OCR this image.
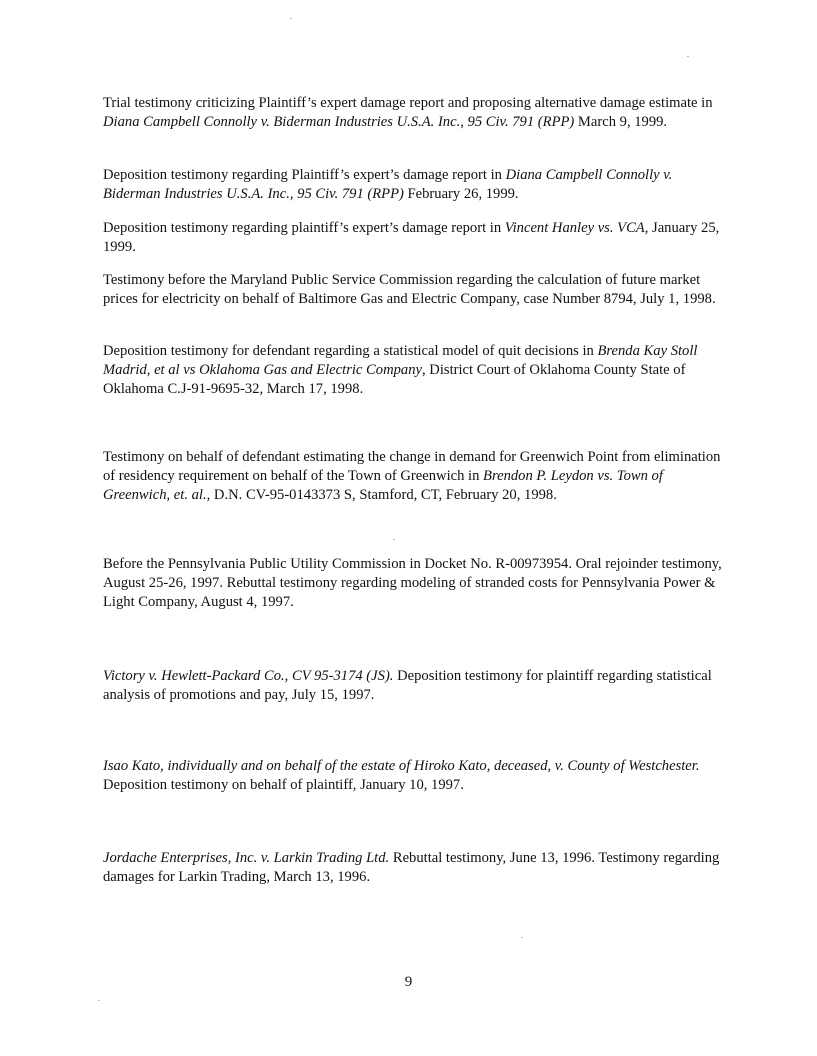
Trial testimony criticizing Plaintiff’s expert damage report and proposing alternative damage estimate in Diana Campbell Connolly v. Biderman Industries U.S.A. Inc., 95 Civ. 791 (RPP) March 9, 1999.

Deposition testimony regarding Plaintiff’s expert’s damage report in Diana Campbell Connolly v. Biderman Industries U.S.A. Inc., 95 Civ. 791 (RPP) February 26, 1999.

Deposition testimony regarding plaintiff’s expert’s damage report in Vincent Hanley vs. VCA, January 25, 1999.

Testimony before the Maryland Public Service Commission regarding the calculation of future market prices for electricity on behalf of Baltimore Gas and Electric Company, case Number 8794, July 1, 1998.

Deposition testimony for defendant regarding a statistical model of quit decisions in Brenda Kay Stoll Madrid, et al vs Oklahoma Gas and Electric Company, District Court of Oklahoma County State of Oklahoma C.J-91-9695-32, March 17, 1998.

Testimony on behalf of defendant estimating the change in demand for Greenwich Point from elimination of residency requirement on behalf of the Town of Greenwich in Brendon P. Leydon vs. Town of Greenwich, et. al., D.N. CV-95-0143373 S, Stamford, CT, February 20, 1998.

Before the Pennsylvania Public Utility Commission in Docket No. R-00973954. Oral rejoinder testimony, August 25-26, 1997. Rebuttal testimony regarding modeling of stranded costs for Pennsylvania Power & Light Company, August 4, 1997.

Victory v. Hewlett-Packard Co., CV 95-3174 (JS). Deposition testimony for plaintiff regarding statistical analysis of promotions and pay, July 15, 1997.

Isao Kato, individually and on behalf of the estate of Hiroko Kato, deceased, v. County of Westchester. Deposition testimony on behalf of plaintiff, January 10, 1997.

Jordache Enterprises, Inc. v. Larkin Trading Ltd. Rebuttal testimony, June 13, 1996. Testimony regarding damages for Larkin Trading, March 13, 1996.

9
